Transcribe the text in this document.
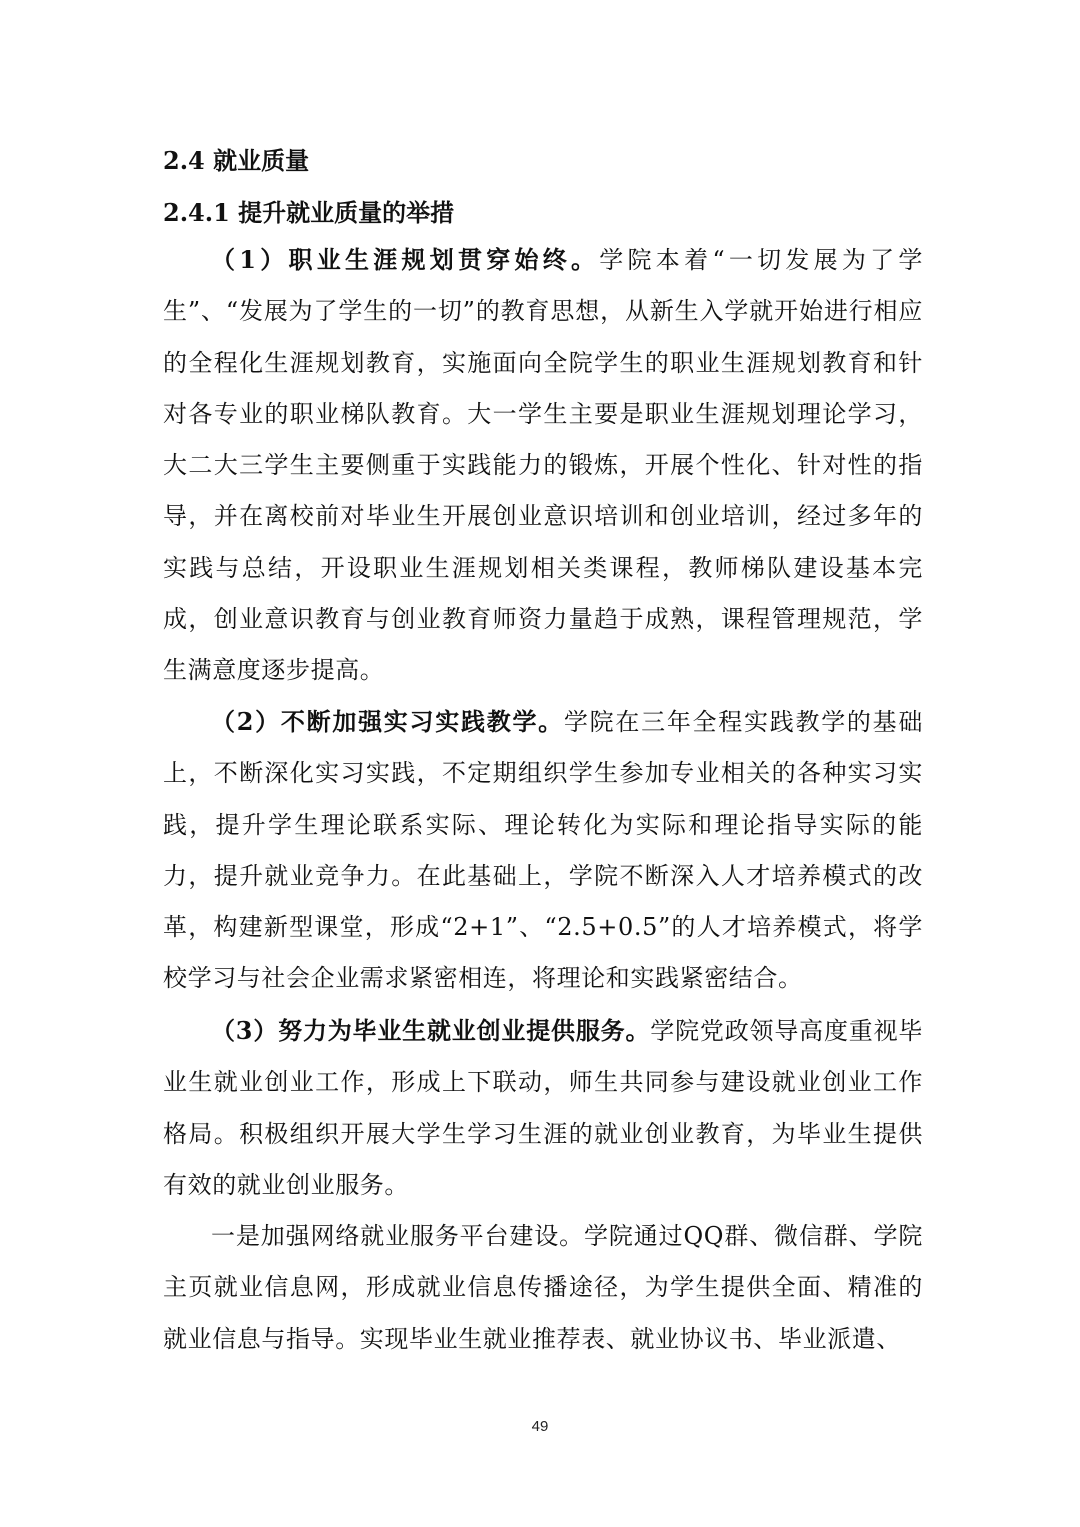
2.4 就业质量
2.4.1 提升就业质量的举措

（1）职业生涯规划贯穿始终。学院本着“一切发展为了学生”、“发展为了学生的一切”的教育思想，从新生入学就开始进行相应的全程化生涯规划教育，实施面向全院学生的职业生涯规划教育和针对各专业的职业梯队教育。大一学生主要是职业生涯规划理论学习，大二大三学生主要侧重于实践能力的锻炼，开展个性化、针对性的指导，并在离校前对毕业生开展创业意识培训和创业培训，经过多年的实践与总结，开设职业生涯规划相关类课程，教师梯队建设基本完成，创业意识教育与创业教育师资力量趋于成熟，课程管理规范，学生满意度逐步提高。

（2）不断加强实习实践教学。学院在三年全程实践教学的基础上，不断深化实习实践，不定期组织学生参加专业相关的各种实习实践，提升学生理论联系实际、理论转化为实际和理论指导实际的能力，提升就业竞争力。在此基础上，学院不断深入人才培养模式的改革，构建新型课堂，形成“2+1”、“2.5+0.5”的人才培养模式，将学校学习与社会企业需求紧密相连，将理论和实践紧密结合。

（3）努力为毕业生就业创业提供服务。学院党政领导高度重视毕业生就业创业工作，形成上下联动，师生共同参与建设就业创业工作格局。积极组织开展大学生学习生涯的就业创业教育，为毕业生提供有效的就业创业服务。

一是加强网络就业服务平台建设。学院通过QQ群、微信群、学院主页就业信息网，形成就业信息传播途径，为学生提供全面、精准的就业信息与指导。实现毕业生就业推荐表、就业协议书、毕业派遣、

49
